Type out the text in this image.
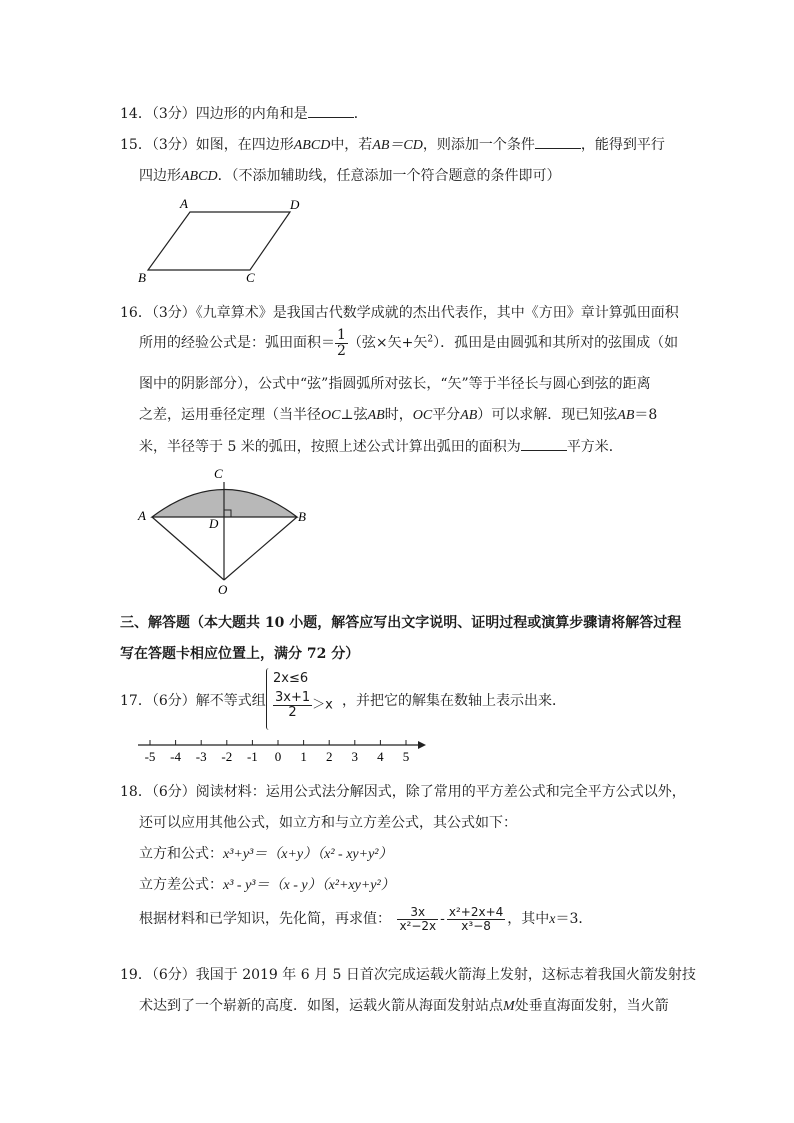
14．（3分）四边形的内角和是	．
15．（3分）如图，在四边形ABCD中，若AB＝CD，则添加一个条件	，能得到平行
四边形ABCD．（不添加辅助线，任意添加一个符合题意的条件即可）
A	D
B	C
16．（3分）《九章算术》是我国古代数学成就的杰出代表作，其中《方田》章计算弧田面积
所用的经验公式是：弧田面积＝ $\frac{1}{2}$ （弦×矢+矢$^2$）．孤田是由圆弧和其所对的弦围成（如
图中的阴影部分），公式中“弦”指圆弧所对弦长，“矢”等于半径长与圆心到弦的距离
之差，运用垂径定理（当半径OC⊥弦AB时，OC平分AB）可以求解．现已知弦AB＝8
米，半径等于 5 米的弧田，按照上述公式计算出弧田的面积为	平方米．
A	B
C
D
O
三、解答题（本大题共 10 小题，解答应写出文字说明、证明过程或演算步骤请将解答过程
写在答题卡相应位置上，满分 72 分）
17．（6分）解不等式组
2x≤6
$\frac{3x+1}{2} >x$ ，并把它的解集在数轴上表示出来．
-5 -4 -3 -2 -1 0 1 2 3 4 5
18．（6分）阅读材料：运用公式法分解因式，除了常用的平方差公式和完全平方公式以外，
还可以应用其他公式，如立方和与立方差公式，其公式如下：
立方和公式：x³+y³＝（x+y）（x² - xy+y²）
立方差公式：x³ - y³＝（x - y）（x²+xy+y²）
根据材料和已学知识，先化简，再求值： $\frac{3x}{\text{x²−2x}} - \frac{\text{x²+2x+4}}{\text{x³−8}}$ ，其中x＝3．
19．（6分）我国于 2019 年 6 月 5 日首次完成运载火箭海上发射，这标志着我国火箭发射技
术达到了一个崭新的高度．如图，运载火箭从海面发射站点M处垂直海面发射，当火箭
